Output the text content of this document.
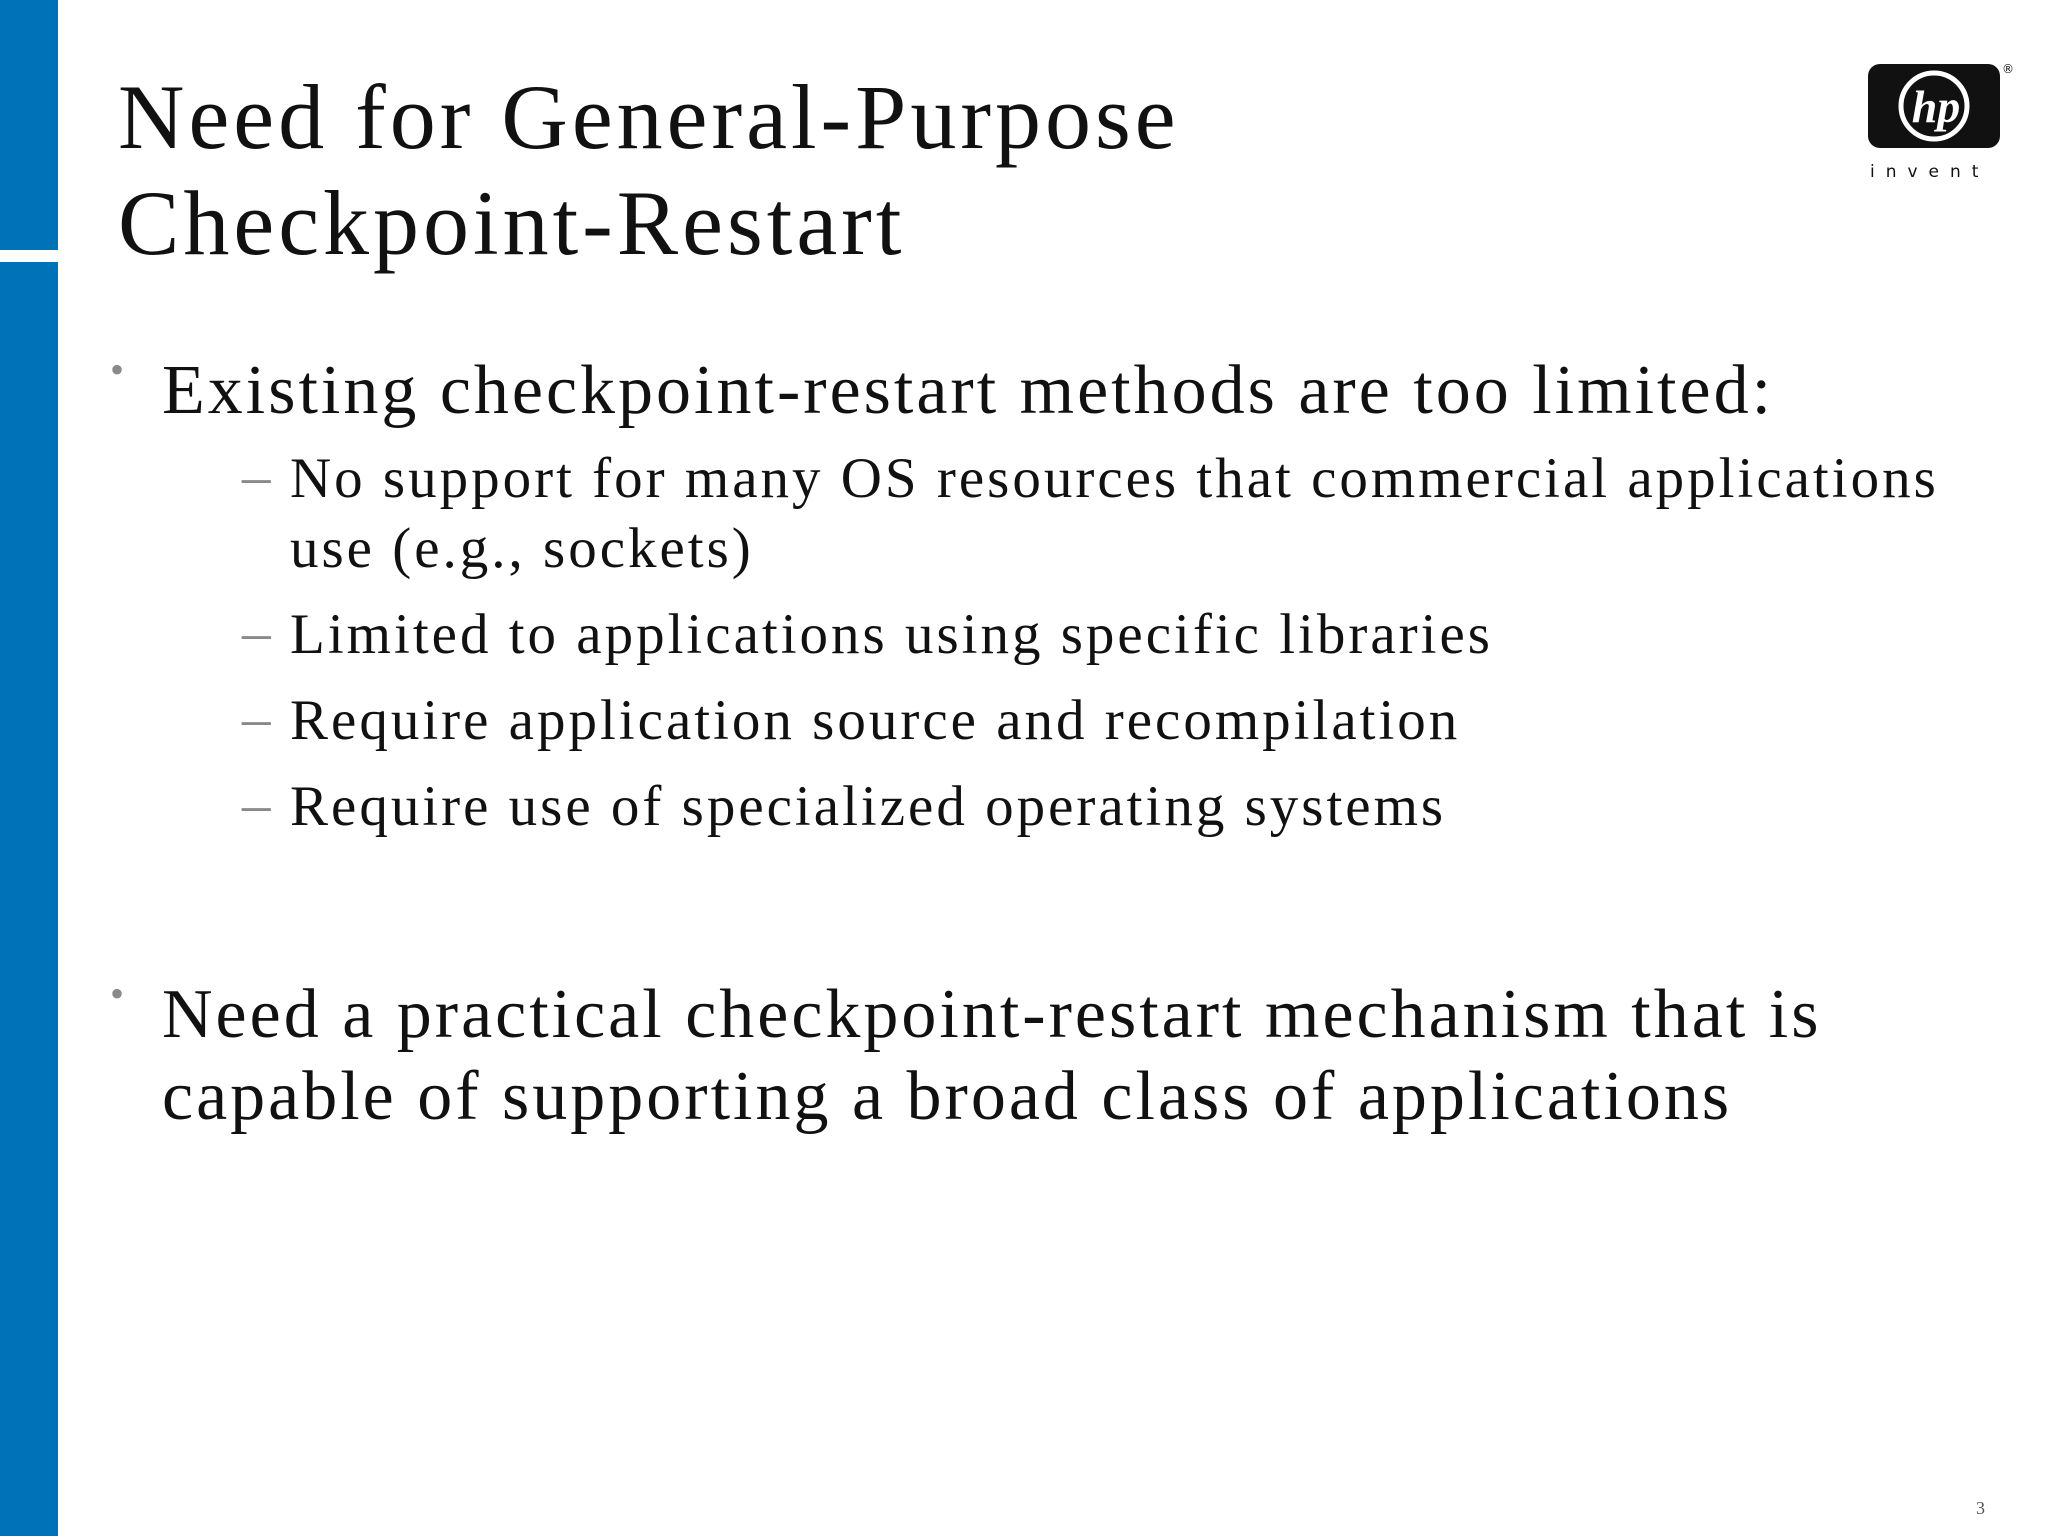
Need for General-Purpose
Checkpoint-Restart
hp
®
invent
• Existing checkpoint-restart methods are too limited:
– No support for many OS resources that commercial applications use (e.g., sockets)
– Limited to applications using specific libraries
– Require application source and recompilation
– Require use of specialized operating systems
• Need a practical checkpoint-restart mechanism that is capable of supporting a broad class of applications
3
